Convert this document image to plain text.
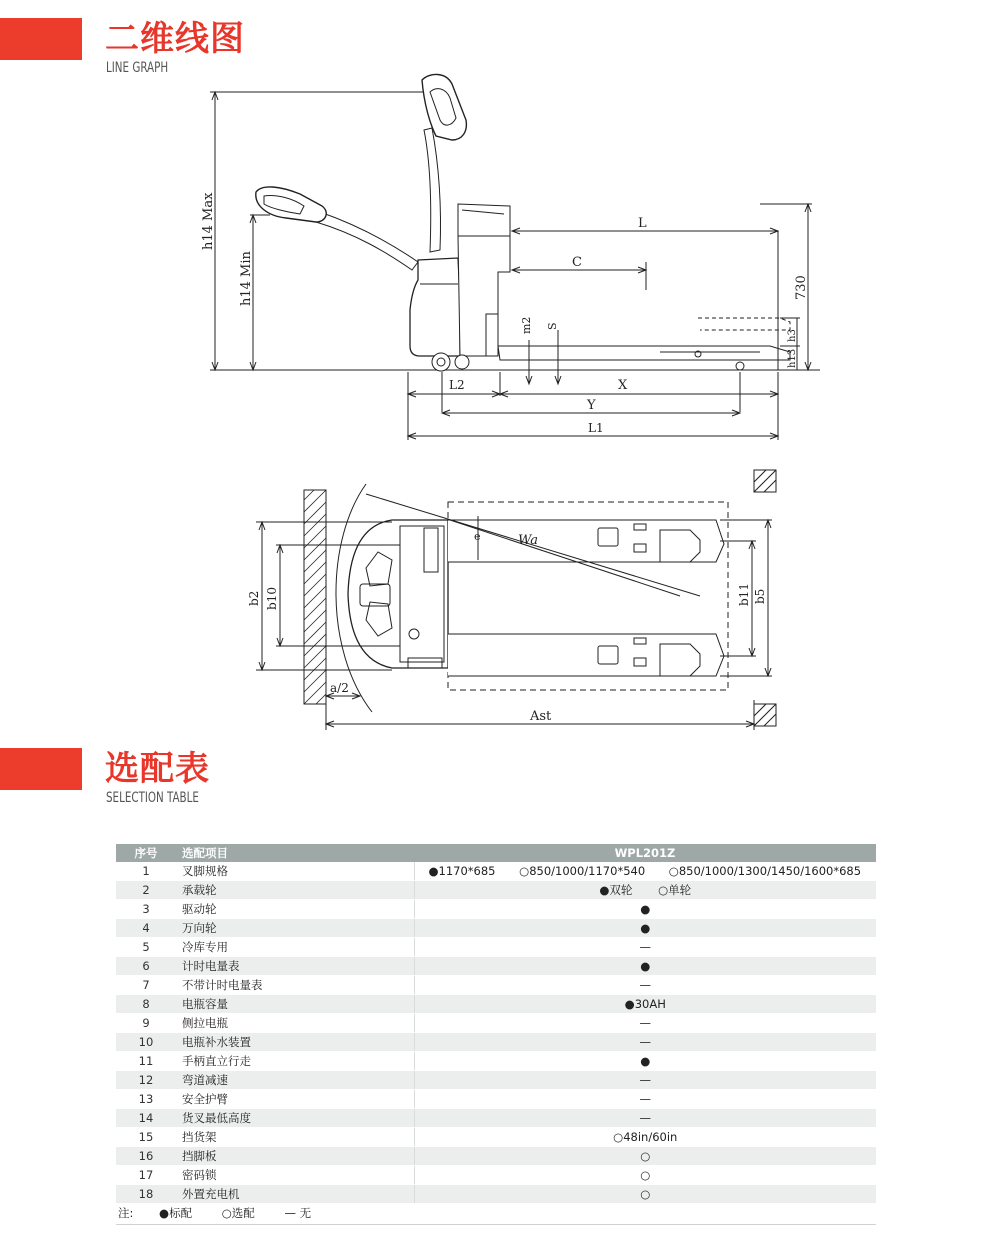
二维线图
LINE GRAPH
h14 Max
h14 Min
L
C
m2 S
L2	X
Y
L1
730
h3
h13
Wa
e
b2 b10	b11 b5
a/2
Ast
选配表
SELECTION TABLE
序号	选配项目	WPL201Z
1	叉脚规格	●1170*685 ○850/1000/1170*540 ○850/1000/1300/1450/1600*685
2	承载轮	●双轮 ○单轮
3	驱动轮	●
4	万向轮	●
5	冷库专用	—
6	计时电量表	●
7	不带计时电量表	—
8	电瓶容量	●30AH
9	侧拉电瓶	—
10	电瓶补水装置	—
11	手柄直立行走	●
12	弯道减速	—
13	安全护臂	—
14	货叉最低高度	—
15	挡货架	○48in/60in
16	挡脚板	○
17	密码锁	○
18	外置充电机	○
注: ●标配 ○选配 — 无		
